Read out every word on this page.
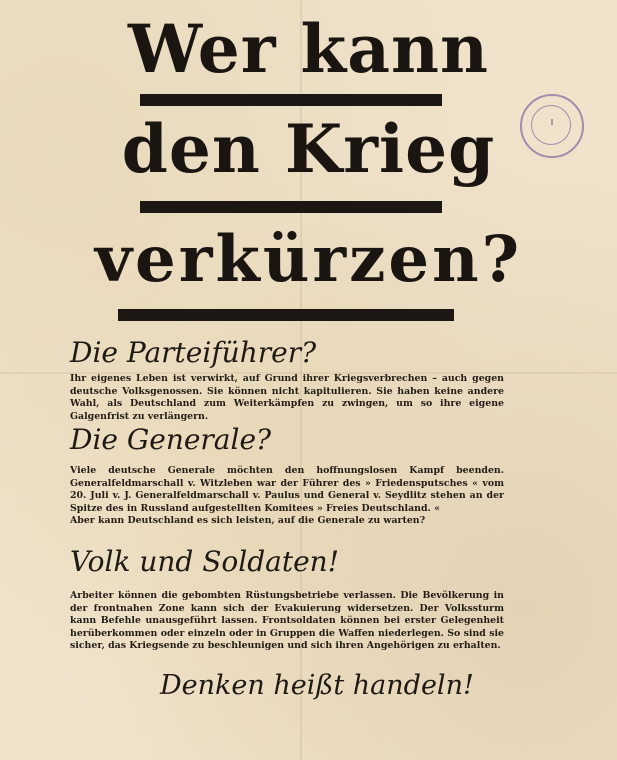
Wer kann
den Krieg
verkürzen?
I
Die Parteiführer?

Ihr eigenes Leben ist verwirkt, auf Grund ihrer Kriegsverbrechen – auch gegen deutsche Volksgenossen. Sie können nicht kapitulieren. Sie haben keine andere Wahl, als Deutschland zum Weiterkämpfen zu zwingen, um so ihre eigene Galgenfrist zu verlängern.

Die Generale?

Viele deutsche Generale möchten den hoffnungslosen Kampf beenden. Generalfeldmarschall v. Witzleben war der Führer des » Friedensputsches « vom 20. Juli v. J. Generalfeldmarschall v. Paulus und General v. Seydlitz stehen an der Spitze des in Russland aufgestellten Komitees » Freies Deutschland. «

Aber kann Deutschland es sich leisten, auf die Generale zu warten?

Volk und Soldaten!

Arbeiter können die gebombten Rüstungsbetriebe verlassen. Die Bevölkerung in der frontnahen Zone kann sich der Evakuierung widersetzen. Der Volkssturm kann Befehle unausgeführt lassen. Frontsoldaten können bei erster Gelegenheit herüberkommen oder einzeln oder in Gruppen die Waffen niederlegen. So sind sie sicher, das Kriegsende zu beschleunigen und sich ihren Angehörigen zu erhalten.

Denken heißt handeln!
